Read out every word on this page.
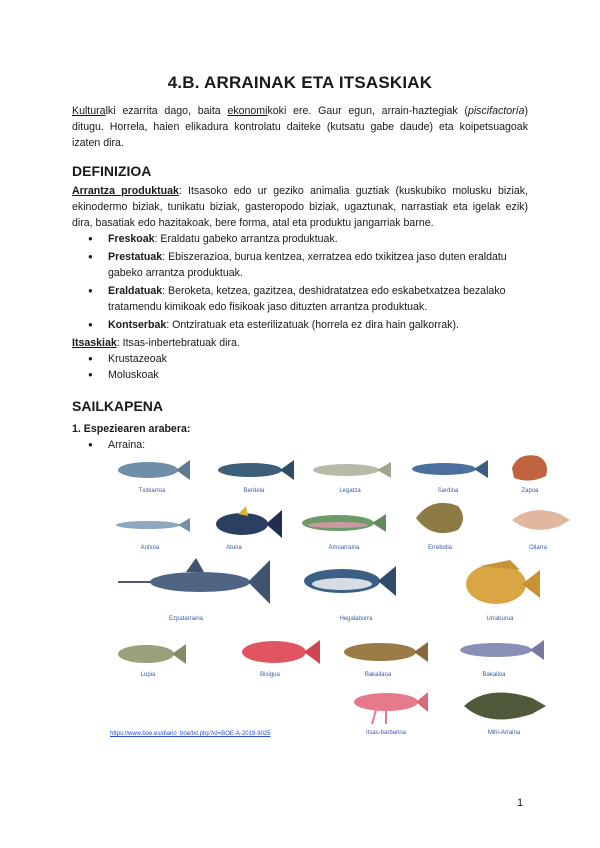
4.B. ARRAINAK ETA ITSASKIAK

Kulturalki ezarrita dago, baita ekonomikoki ere. Gaur egun, arrain-haztegiak (piscifactoría) ditugu. Horrela, haien elikadura kontrolatu daiteke (kutsatu gabe daude) eta koipetsuagoak izaten dira.

DEFINIZIOA

Arrantza produktuak: Itsasoko edo ur geziko animalia guztiak (kuskubiko molusku biziak, ekinodermo biziak, tunikatu biziak, gasteropodo biziak, ugaztunak, narrastiak eta igelak ezik) dira, basatiak edo hazitakoak, bere forma, atal eta produktu jangarriak barne.

● Freskoak: Eraldatu gabeko arrantza produktuak.
● Prestatuak: Ebiszerazioa, burua kentzea, xerratzea edo txikitzea jaso duten eraldatu gabeko arrantza produktuak.
● Eraldatuak: Beroketa, ketzea, gazitzea, deshidratatzea edo eskabetxatzea bezalako tratamendu kimikoak edo fisikoak jaso dituzten arrantza produktuak.
● Kontserbak: Ontziratuak eta esterilizatuak (horrela ez dira hain galkorrak).

Itsaskiak: Itsas-inbertebratuak dira.

● Krustazeoak
● Moluskoak
SAILKAPENA

1. Espeziearen arabera:

● Arraina:
Txitxarroa	Berdela	Legatza	Sardina	Zapoa
Antxoa	Atuna	Amuarraina	Errebolla	Oilarra
Ezpatarraina	Hegalaburra	Urraburua
Lupia	Bisigua	Bakailaoa	Bakailoa
Itsas-barbarina	Mihi-Arraina
https://www.boe.es/diario_boe/txt.php?id=BOE-A-2019-9025
1
